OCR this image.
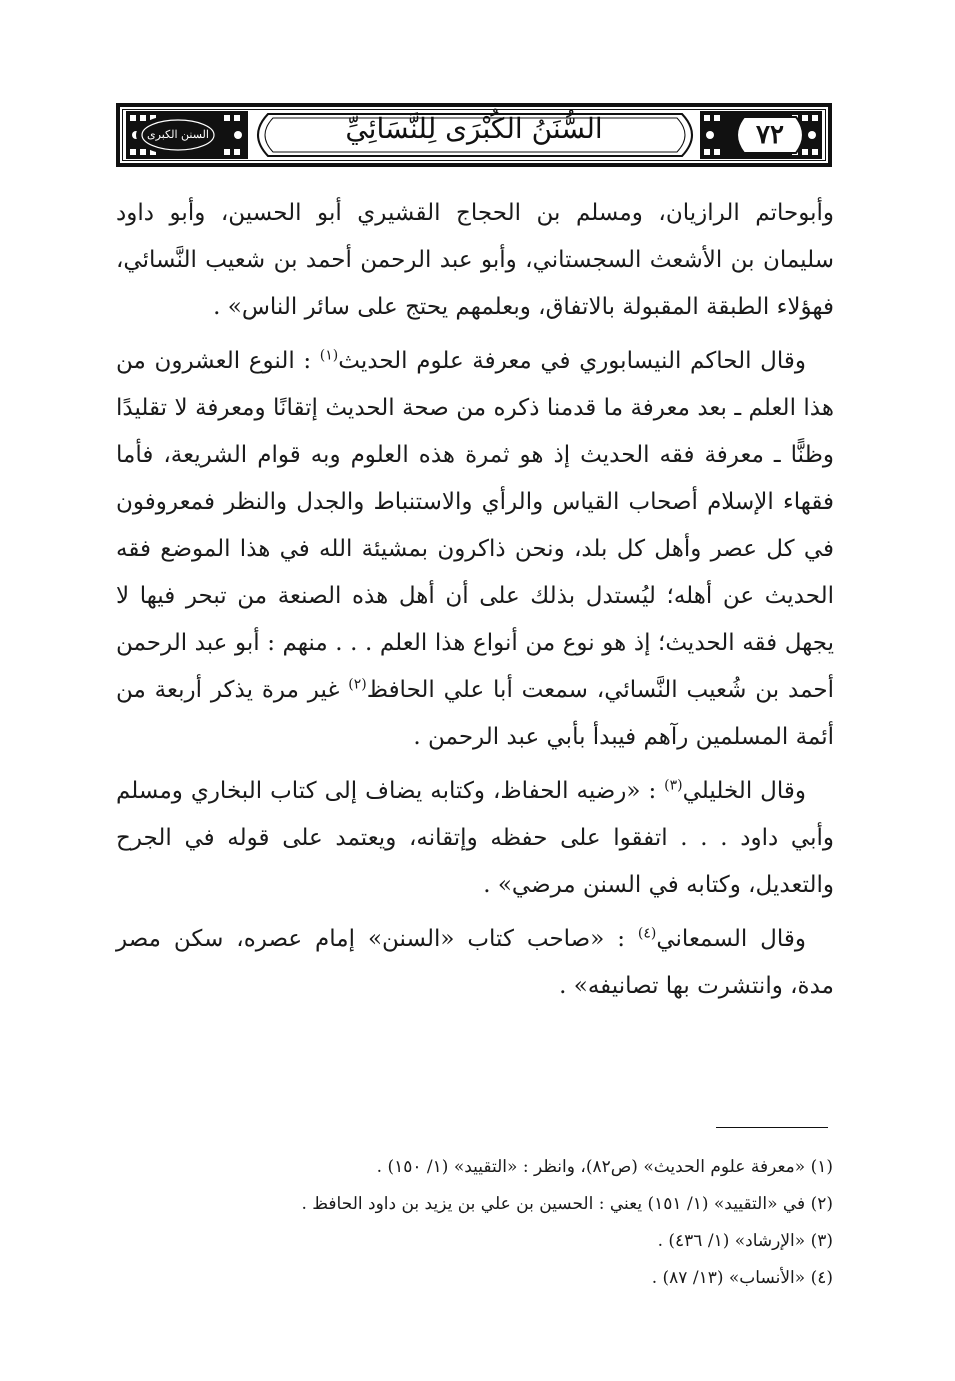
السُّنَنُ الكُبْرَى لِلنَّسَائِيِّ	٧٢
السنن الكبرى

وأبوحاتم الرازيان، ومسلم بن الحجاج القشيري أبو الحسين، وأبو داود سليمان بن الأشعث السجستاني، وأبو عبد الرحمن أحمد بن شعيب النَّسائي، فهؤلاء الطبقة المقبولة بالاتفاق، وبعلمهم يحتج على سائر الناس» .

وقال الحاكم النيسابوري في معرفة علوم الحديث$^{(١)}$ : النوع العشرون من هذا العلم ـ بعد معرفة ما قدمنا ذكره من صحة الحديث إتقانًا ومعرفة لا تقليدًا وظنًّا ـ معرفة فقه الحديث إذ هو ثمرة هذه العلوم وبه قوام الشريعة، فأما فقهاء الإسلام أصحاب القياس والرأي والاستنباط والجدل والنظر فمعروفون في كل عصر وأهل كل بلد، ونحن ذاكرون بمشيئة الله في هذا الموضع فقه الحديث عن أهله؛ ليُستدل بذلك على أن أهل هذه الصنعة من تبحر فيها لا يجهل فقه الحديث؛ إذ هو نوع من أنواع هذا العلم . . . منهم : أبو عبد الرحمن أحمد بن شُعيب النَّسائي، سمعت أبا علي الحافظ$^{(٢)}$ غير مرة يذكر أربعة من أئمة المسلمين رآهم فيبدأ بأبي عبد الرحمن .

وقال الخليلي$^{(٣)}$ : «رضيه الحفاظ، وكتابه يضاف إلى كتاب البخاري ومسلم وأبي داود . . . اتفقوا على حفظه وإتقانه، ويعتمد على قوله في الجرح والتعديل، وكتابه في السنن مرضي» .

وقال السمعاني$^{(٤)}$ : «صاحب كتاب «السنن» إمام عصره، سكن مصر مدة، وانتشرت بها تصانيفه» .

(١) «معرفة علوم الحديث» (ص٨٢)، وانظر : «التقييد» (١/ ١٥٠) .

(٢) في «التقييد» (١/ ١٥١) يعني : الحسين بن علي بن يزيد بن داود الحافظ .

(٣) «الإرشاد» (١/ ٤٣٦) .

(٤) «الأنساب» (١٣/ ٨٧) .
